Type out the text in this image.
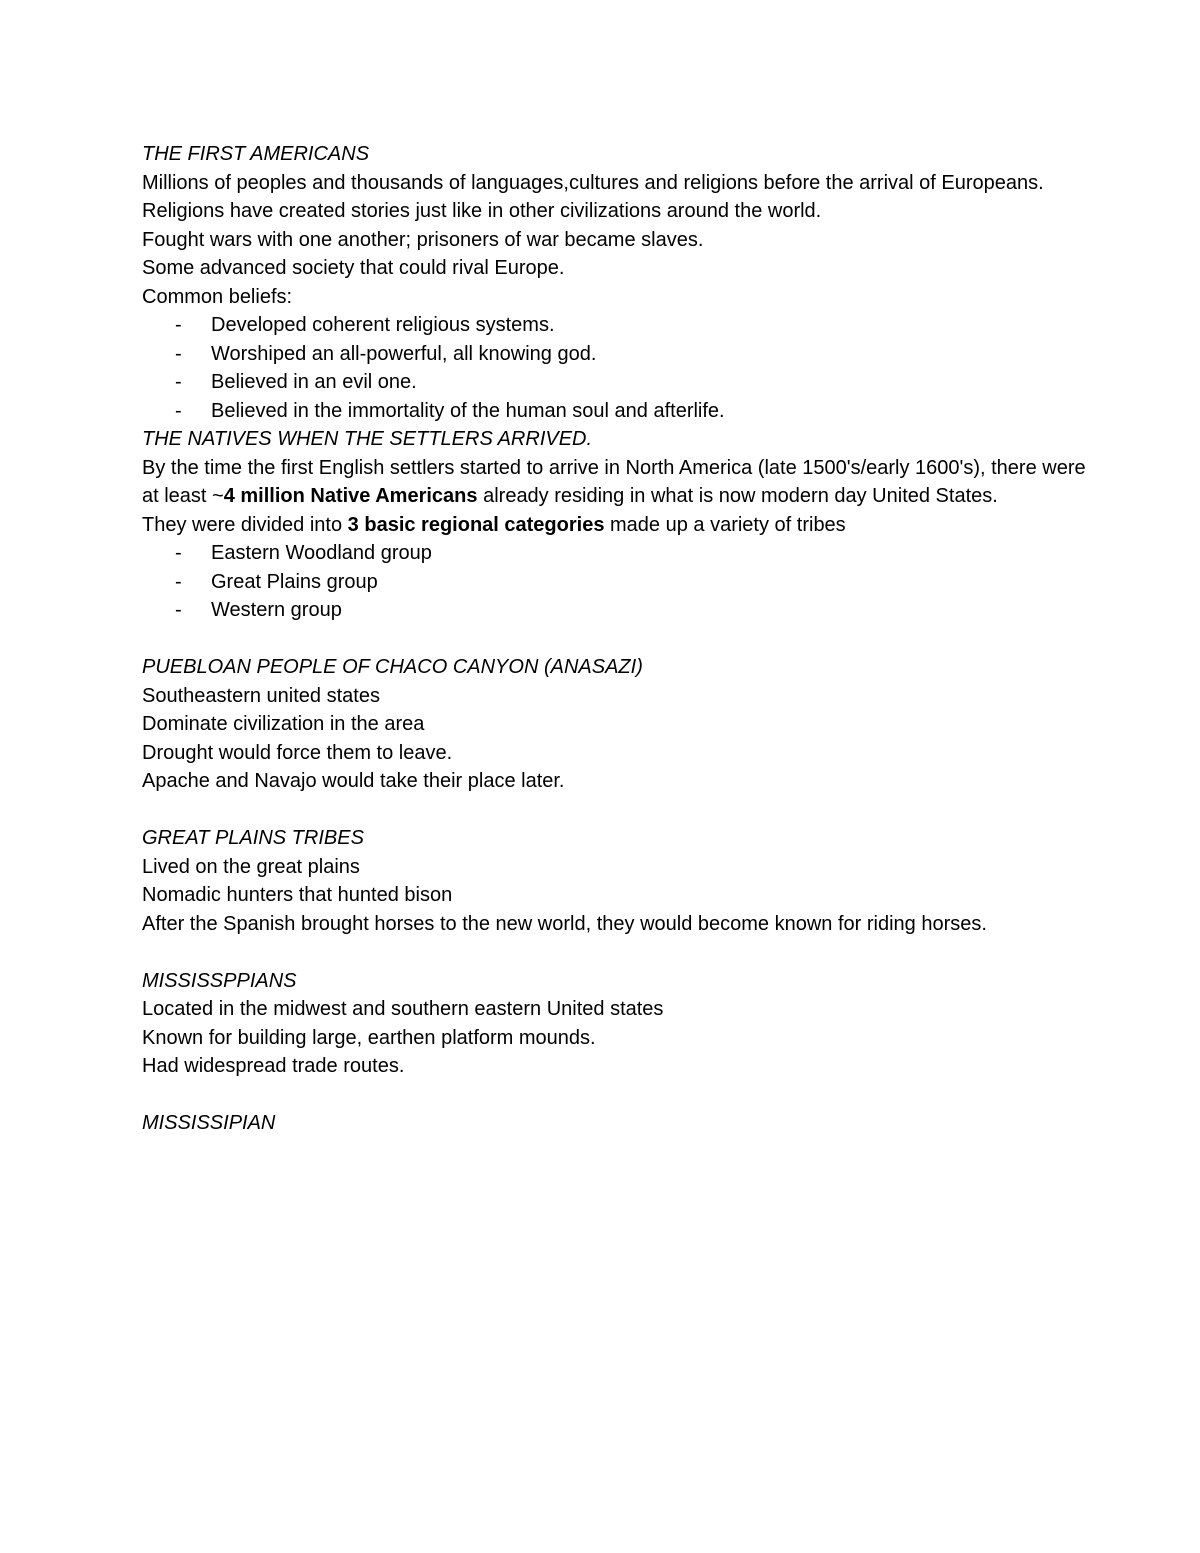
THE FIRST AMERICANS

Millions of peoples and thousands of languages,cultures and religions before the arrival of Europeans.

Religions have created stories just like in other civilizations around the world.

Fought wars with one another; prisoners of war became slaves.

Some advanced society that could rival Europe.

Common beliefs:

- Developed coherent religious systems.
- Worshiped an all-powerful, all knowing god.
- Believed in an evil one.
- Believed in the immortality of the human soul and afterlife.

THE NATIVES WHEN THE SETTLERS ARRIVED.

By the time the first English settlers started to arrive in North America (late 1500's/early 1600's), there were at least ~4 million Native Americans already residing in what is now modern day United States.

They were divided into 3 basic regional categories made up a variety of tribes

- Eastern Woodland group
- Great Plains group
- Western group

PUEBLOAN PEOPLE OF CHACO CANYON (ANASAZI)

Southeastern united states

Dominate civilization in the area

Drought would force them to leave.

Apache and Navajo would take their place later.

GREAT PLAINS TRIBES

Lived on the great plains

Nomadic hunters that hunted bison

After the Spanish brought horses to the new world, they would become known for riding horses.

MISSISSPPIANS

Located in the midwest and southern eastern United states

Known for building large, earthen platform mounds.

Had widespread trade routes.

MISSISSIPIAN
